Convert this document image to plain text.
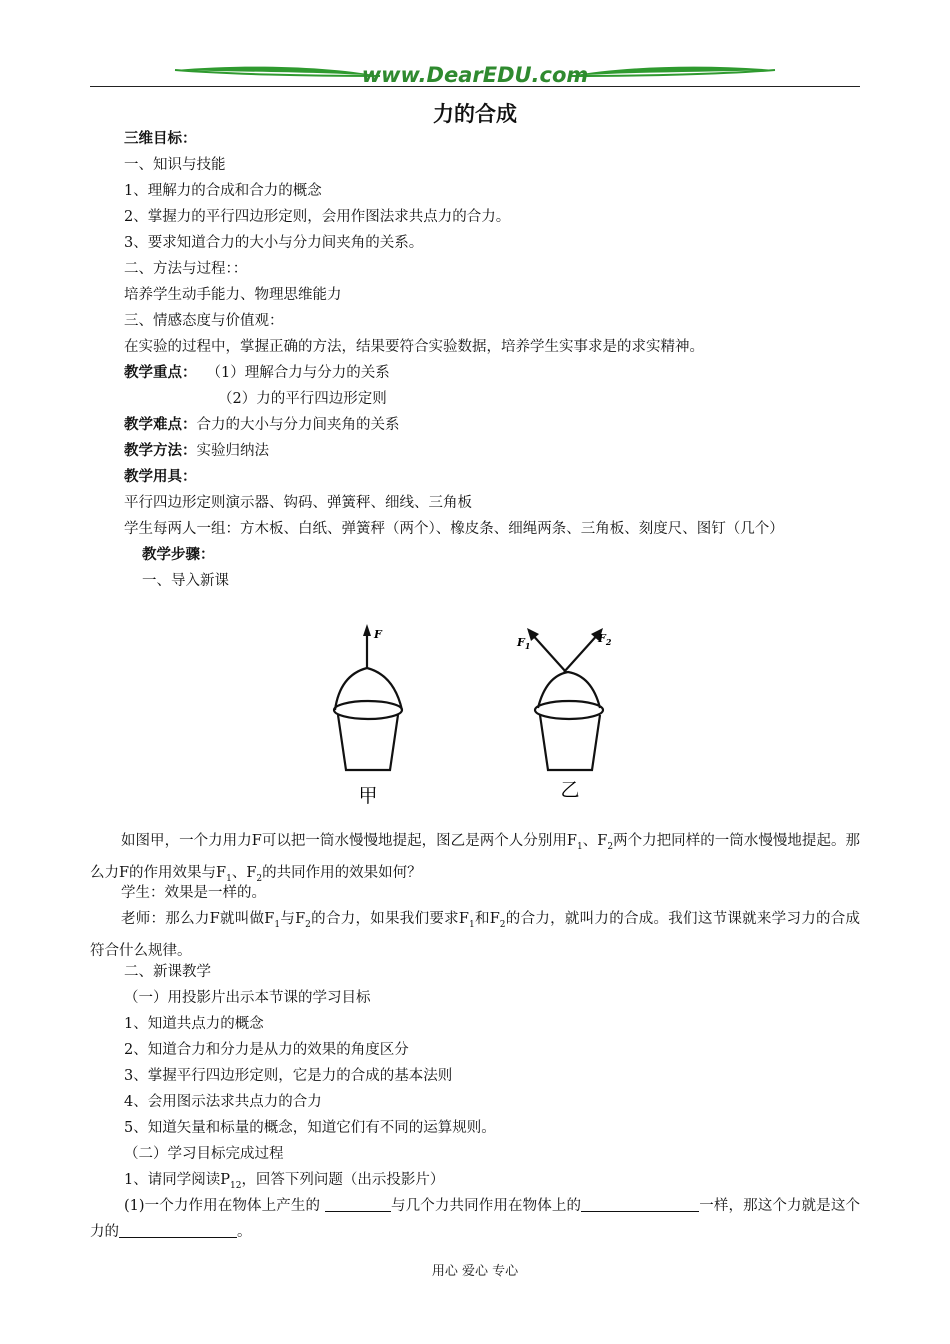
www.DearEDU.com
力的合成
三维目标：
一、知识与技能
1、理解力的合成和合力的概念
2、掌握力的平行四边形定则，会用作图法求共点力的合力。
3、要求知道合力的大小与分力间夹角的关系。
二、方法与过程：：
培养学生动手能力、物理思维能力
三、情感态度与价值观：
在实验的过程中，掌握正确的方法，结果要符合实验数据，培养学生实事求是的求实精神。
教学重点： （1）理解合力与分力的关系
（2）力的平行四边形定则
教学难点：合力的大小与分力间夹角的关系
教学方法：实验归纳法
教学用具：
平行四边形定则演示器、钩码、弹簧秤、细线、三角板
学生每两人一组：方木板、白纸、弹簧秤（两个）、橡皮条、细绳两条、三角板、刻度尺、图钉（几个）
教学步骤：
一、导入新课
F
$F_1$
$F_2$
甲	乙
如图甲，一个力用力F可以把一筒水慢慢地提起，图乙是两个人分别用$F_1$、$F_2$两个力把同样的一筒水慢慢地提起。那么力F的作用效果与$F_1$、$F_2$的共同作用的效果如何？
学生：效果是一样的。
老师：那么力F就叫做$F_1$与$F_2$的合力，如果我们要求$F_1$和$F_2$的合力，就叫力的合成。我们这节课就来学习力的合成符合什么规律。
二、新课教学
（一）用投影片出示本节课的学习目标
1、知道共点力的概念
2、知道合力和分力是从力的效果的角度区分
3、掌握平行四边形定则，它是力的合成的基本法则
4、会用图示法求共点力的合力
5、知道矢量和标量的概念，知道它们有不同的运算规则。
（二）学习目标完成过程
1、请同学阅读$P_{12}$，回答下列问题（出示投影片）
(1)一个力作用在物体上产生的	与几个力共同作用在物体上的	一样，那这个力就是这个力的	。
用心 爱心 专心
